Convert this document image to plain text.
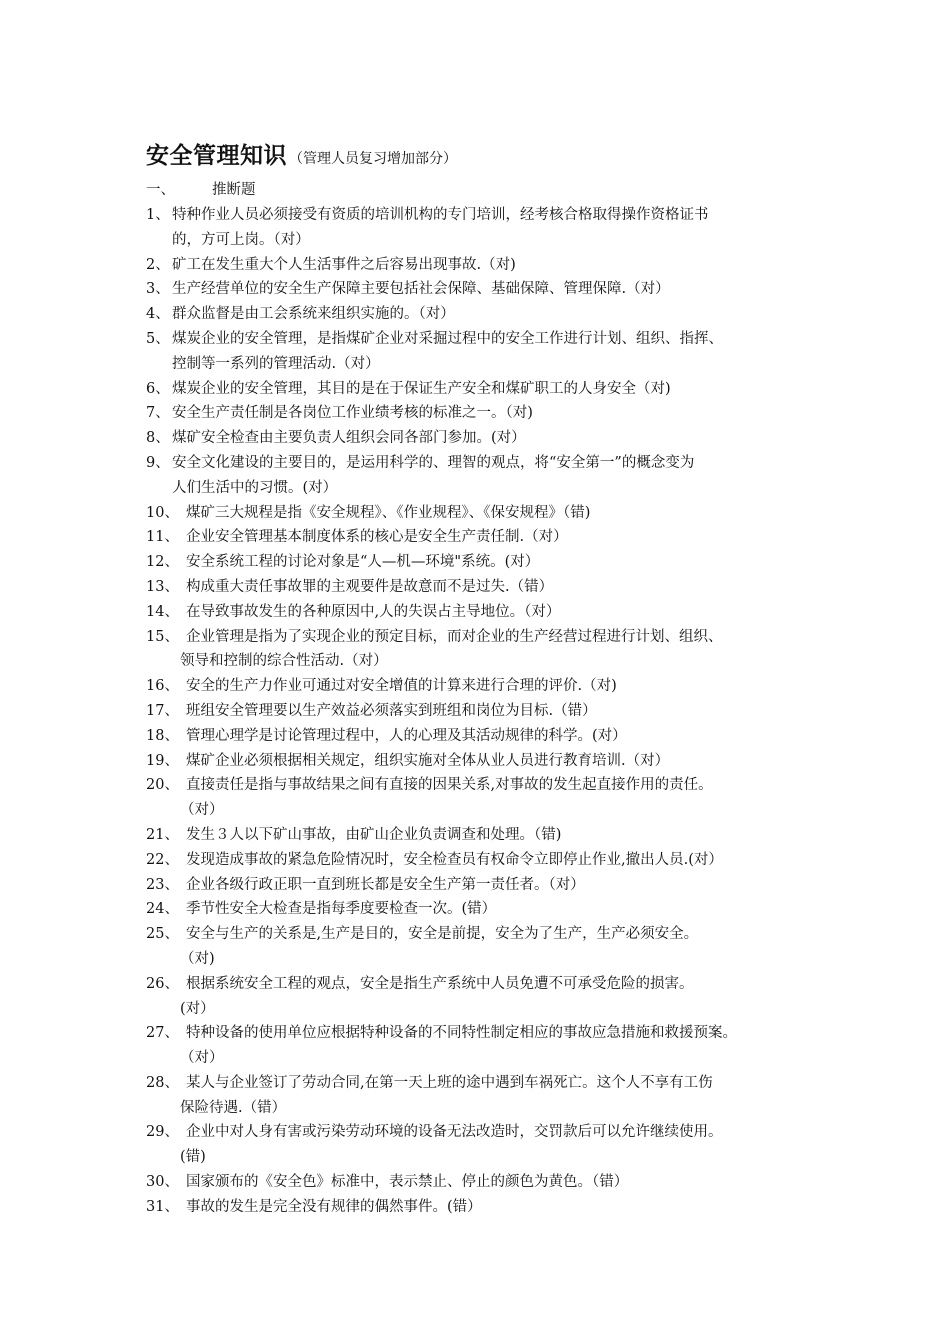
安全管理知识 （管理人员复习增加部分）
一、	推断题
1、 特种作业人员必须接受有资质的培训机构的专门培训，经考核合格取得操作资格证书
的，方可上岗。（对）
2、 矿工在发生重大个人生活事件之后容易出现事故.（对)
3、 生产经营单位的安全生产保障主要包括社会保障、基础保障、管理保障.（对）
4、 群众监督是由工会系统来组织实施的。（对）
5、 煤炭企业的安全管理，是指煤矿企业对采掘过程中的安全工作进行计划、组织、指挥、
控制等一系列的管理活动.（对）
6、 煤炭企业的安全管理，其目的是在于保证生产安全和煤矿职工的人身安全（对)
7、 安全生产责任制是各岗位工作业绩考核的标准之一。（对)
8、 煤矿安全检查由主要负责人组织会同各部门参加。(对）
9、 安全文化建设的主要目的，是运用科学的、理智的观点，将“安全第一”的概念变为
人们生活中的习惯。(对）
10、 煤矿三大规程是指《安全规程》、《作业规程》、《保安规程》（错)
11、 企业安全管理基本制度体系的核心是安全生产责任制.（对）
12、 安全系统工程的讨论对象是“人—机—环境"系统。(对）
13、 构成重大责任事故罪的主观要件是故意而不是过失.（错）
14、 在导致事故发生的各种原因中,人的失误占主导地位。（对）
15、 企业管理是指为了实现企业的预定目标，而对企业的生产经营过程进行计划、组织、
领导和控制的综合性活动.（对）
16、 安全的生产力作业可通过对安全增值的计算来进行合理的评价.（对)
17、 班组安全管理要以生产效益必须落实到班组和岗位为目标.（错）
18、 管理心理学是讨论管理过程中，人的心理及其活动规律的科学。(对）
19、 煤矿企业必须根据相关规定，组织实施对全体从业人员进行教育培训.（对）
20、 直接责任是指与事故结果之间有直接的因果关系,对事故的发生起直接作用的责任。
（对）
21、 发生３人以下矿山事故，由矿山企业负责调查和处理。（错)
22、 发现造成事故的紧急危险情况时，安全检查员有权命令立即停止作业,撤出人员.(对）
23、 企业各级行政正职一直到班长都是安全生产第一责任者。（对）
24、 季节性安全大检查是指每季度要检查一次。(错）
25、 安全与生产的关系是,生产是目的，安全是前提，安全为了生产，生产必须安全。
（对)
26、 根据系统安全工程的观点，安全是指生产系统中人员免遭不可承受危险的损害。
(对）
27、 特种设备的使用单位应根据特种设备的不同特性制定相应的事故应急措施和救援预案。
（对）
28、 某人与企业签订了劳动合同,在第一天上班的途中遇到车祸死亡。这个人不享有工伤
保险待遇.（错）
29、 企业中对人身有害或污染劳动环境的设备无法改造时，交罚款后可以允许继续使用。
(错)
30、 国家颁布的《安全色》标准中，表示禁止、停止的颜色为黄色。（错）
31、 事故的发生是完全没有规律的偶然事件。(错）
